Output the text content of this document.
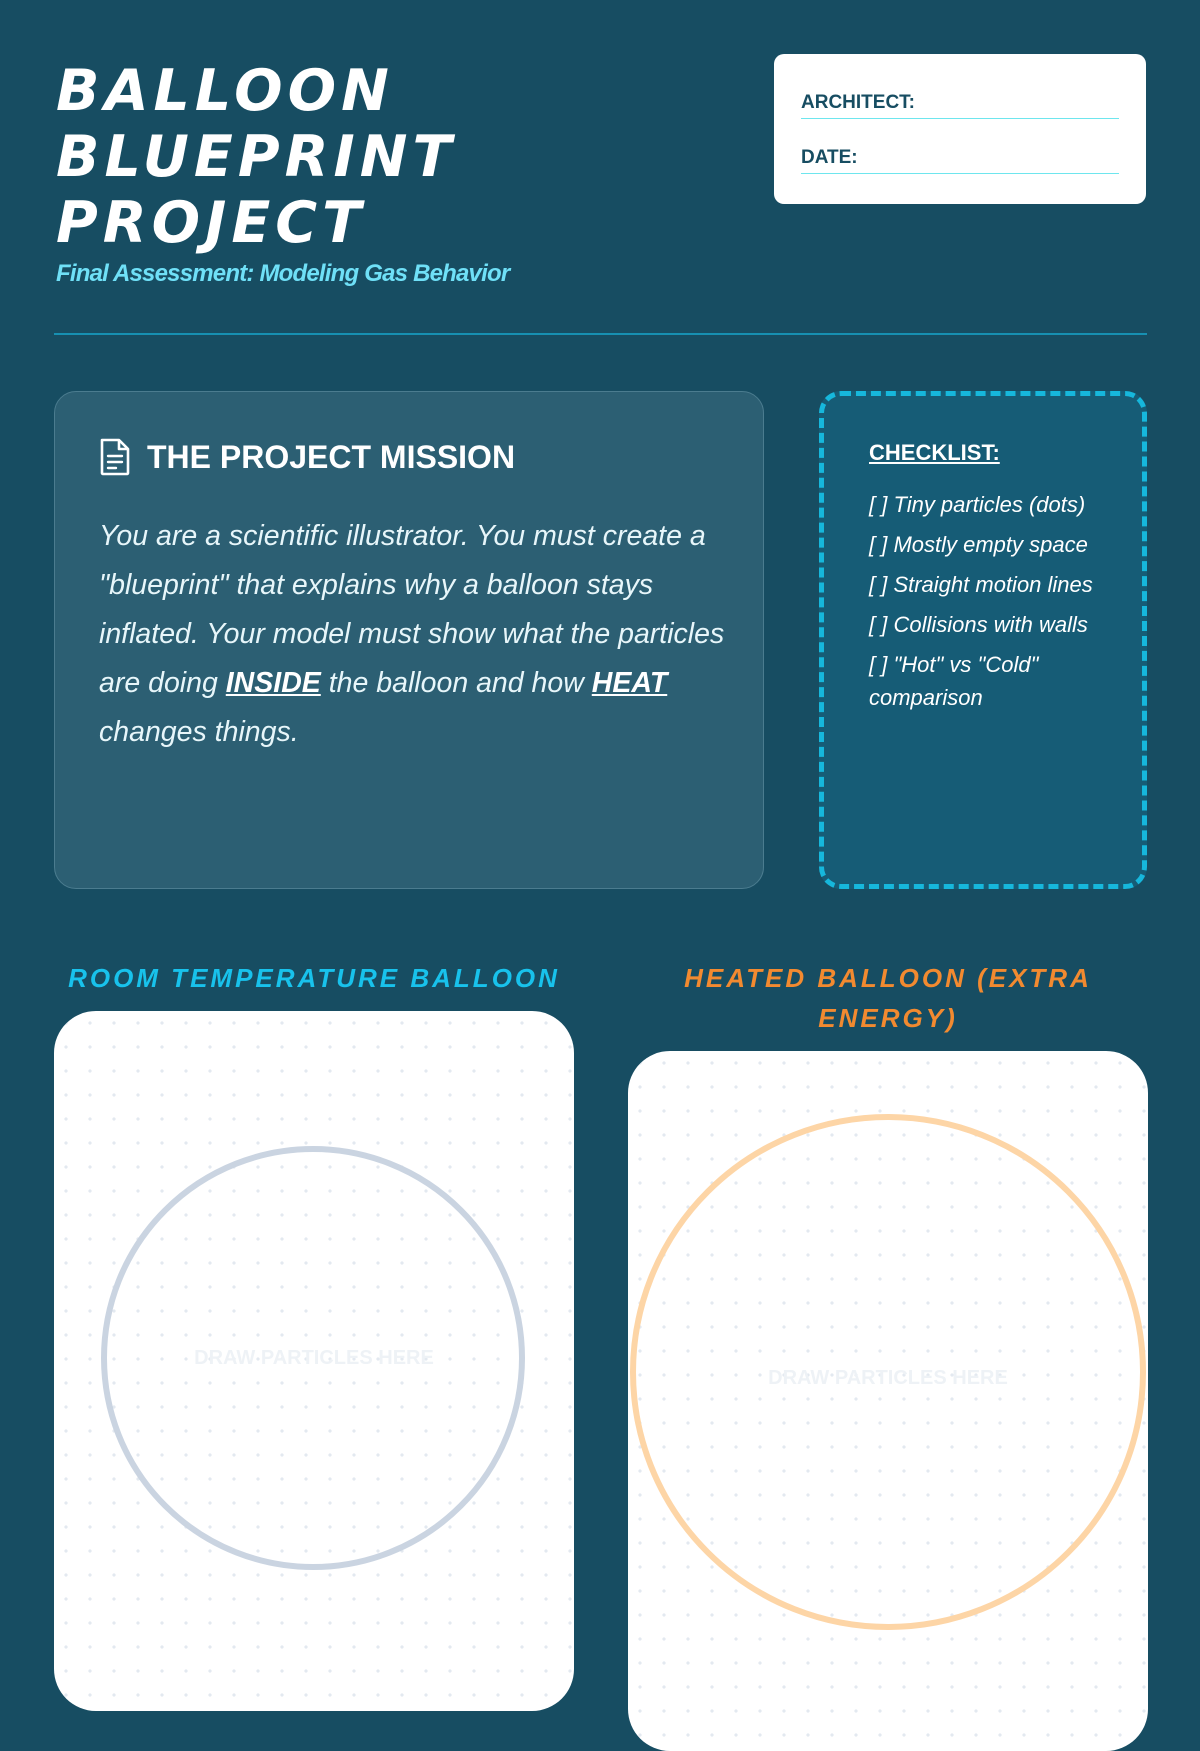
BALLOON
BLUEPRINT
PROJECT

Final Assessment: Modeling Gas Behavior

ARCHITECT:
DATE:
THE PROJECT MISSION

You are a scientific illustrator. You must create a "blueprint" that explains why a balloon stays inflated. Your model must show what the particles are doing INSIDE the balloon and how HEAT changes things.

CHECKLIST:
[ ] Tiny particles (dots)
[ ] Mostly empty space
[ ] Straight motion lines
[ ] Collisions with walls
[ ] "Hot" vs "Cold" comparison
ROOM TEMPERATURE BALLOON	HEATED BALLOON (EXTRA ENERGY)
DRAW PARTICLES HERE
DRAW PARTICLES HERE
